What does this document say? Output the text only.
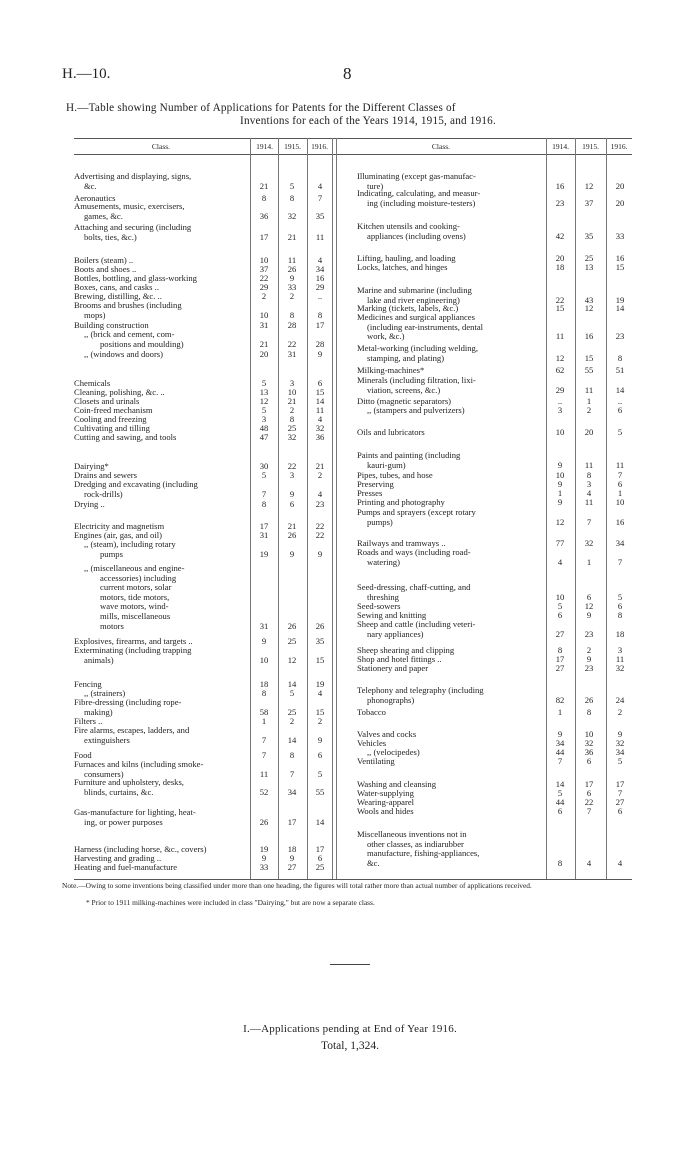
H.—10.	8
H.—Table showing Number of Applications for Patents for the Different Classes of
Inventions for each of the Years 1914, 1915, and 1916.
Class.	1914.	1915.	1916.	Class.	1914.	1915.	1916.
Advertising and displaying, signs,
&c.	21	5	4
Aeronautics	8	8	7
Amusements, music, exercisers,
games, &c.	36	32	35
Attaching and securing (including
bolts, ties, &c.)	17	21	11
Boilers (steam) ..	10	11	4
Boots and shoes ..	37	26	34
Bottles, bottling, and glass-working	22	9	16
Boxes, cans, and casks ..	29	33	29
Brewing, distilling, &c. ..	2	2	..
Brooms and brushes (including
mops)	10	8	8
Building construction	31	28	17
,, (brick and cement, com-
positions and moulding)	21	22	28
,, (windows and doors)	20	31	9
Chemicals	5	3	6
Cleaning, polishing, &c. ..	13	10	15
Closets and urinals	12	21	14
Coin-freed mechanism	5	2	11
Cooling and freezing	3	8	4
Cultivating and tilling	48	25	32
Cutting and sawing, and tools	47	32	36
Dairying*	30	22	21
Drains and sewers	5	3	2
Dredging and excavating (including
rock-drills)	7	9	4
Drying ..	8	6	23
Electricity and magnetism	17	21	22
Engines (air, gas, and oil)	31	26	22
,, (steam), including rotary
pumps	19	9	9
,, (miscellaneous and engine-
accessories) including
current motors, solar
motors, tide motors,
wave motors, wind-
mills, miscellaneous
motors	31	26	26
Explosives, firearms, and targets ..	9	25	35
Exterminating (including trapping
animals)	10	12	15
Fencing	18	14	19
,, (strainers)	8	5	4
Fibre-dressing (including rope-
making)	58	25	15
Filters ..	1	2	2
Fire alarms, escapes, ladders, and
extinguishers	7	14	9
Food	7	8	6
Furnaces and kilns (including smoke-
consumers)	11	7	5
Furniture and upholstery, desks,
blinds, curtains, &c.	52	34	55
Gas-manufacture for lighting, heat-
ing, or power purposes	26	17	14
Harness (including horse, &c., covers)	19	18	17
Harvesting and grading ..	9	9	6
Heating and fuel-manufacture	33	27	25
Illuminating (except gas-manufac-
ture)	16	12	20
Indicating, calculating, and measur-
ing (including moisture-testers)	23	37	20
Kitchen utensils and cooking-
appliances (including ovens)	42	35	33
Lifting, hauling, and loading	20	25	16
Locks, latches, and hinges	18	13	15
Marine and submarine (including
lake and river engineering)	22	43	19
Marking (tickets, labels, &c.)	15	12	14
Medicines and surgical appliances
(including ear-instruments, dental
work, &c.)	11	16	23
Metal-working (including welding,
stamping, and plating)	12	15	8
Milking-machines*	62	55	51
Minerals (including filtration, lixi-
viation, screens, &c.)	29	11	14
Ditto (magnetic separators)	..	1	..
,, (stampers and pulverizers)	3	2	6
Oils and lubricators	10	20	5
Paints and painting (including
kauri-gum)	9	11	11
Pipes, tubes, and hose	10	8	7
Preserving	9	3	6
Presses	1	4	1
Printing and photography	9	11	10
Pumps and sprayers (except rotary
pumps)	12	7	16
Railways and tramways ..	77	32	34
Roads and ways (including road-
watering)	4	1	7
Seed-dressing, chaff-cutting, and
threshing	10	6	5
Seed-sowers	5	12	6
Sewing and knitting	6	9	8
Sheep and cattle (including veteri-
nary appliances)	27	23	18
Sheep shearing and clipping	8	2	3
Shop and hotel fittings ..	17	9	11
Stationery and paper	27	23	32
Telephony and telegraphy (including
phonographs)	82	26	24
Tobacco	1	8	2
Valves and cocks	9	10	9
Vehicles	34	32	32
,, (velocipedes)	44	36	34
Ventilating	7	6	5
Washing and cleansing	14	17	17
Water-supplying	5	6	7
Wearing-apparel	44	22	27
Wools and hides	6	7	6
Miscellaneous inventions not in
other classes, as indiarubber
manufacture, fishing-appliances,
&c.	8	4	4
Note.—Owing to some inventions being classified under more than one heading, the figures will total rather more than actual number of applications received.
* Prior to 1911 milking-machines were included in class "Dairying," but are now a separate class.
I.—Applications pending at End of Year 1916.
Total, 1,324.
